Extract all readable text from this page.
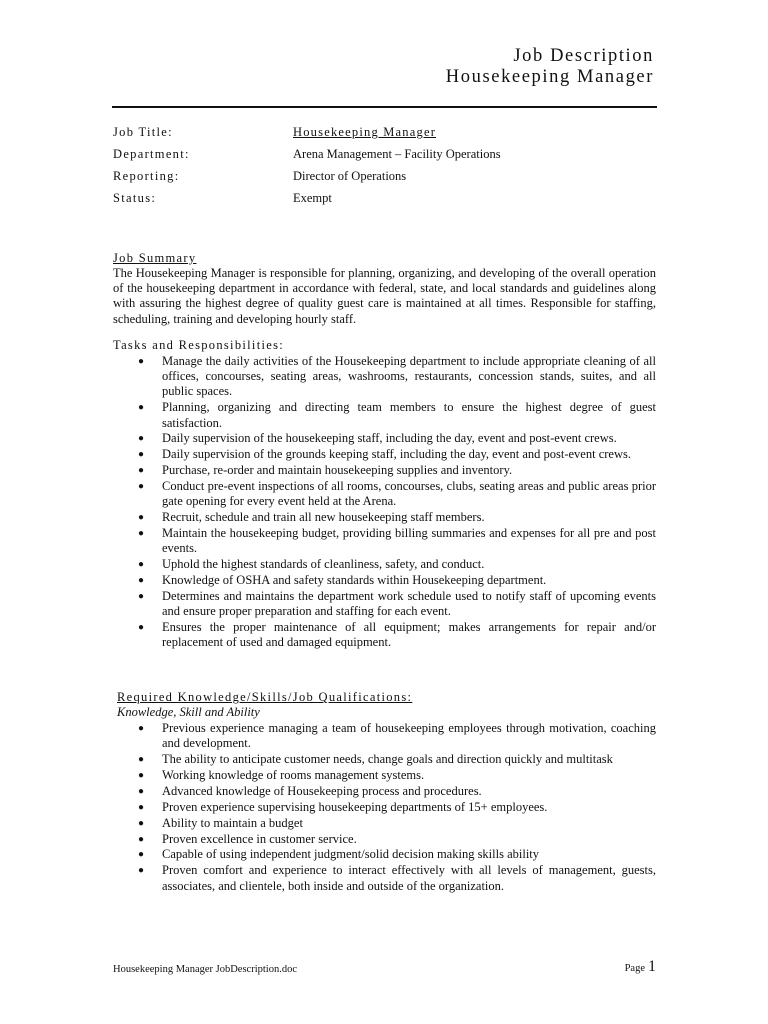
Job Description
Housekeeping Manager
Job Title:	Housekeeping Manager
Department:	Arena Management – Facility Operations
Reporting:	Director of Operations
Status:	Exempt
Job Summary
The Housekeeping Manager is responsible for planning, organizing, and developing of the overall operation of the housekeeping department in accordance with federal, state, and local standards and guidelines along with assuring the highest degree of quality guest care is maintained at all times. Responsible for staffing, scheduling, training and developing hourly staff.
Tasks and Responsibilities:
● Manage the daily activities of the Housekeeping department to include appropriate cleaning of all offices, concourses, seating areas, washrooms, restaurants, concession stands, suites, and all public spaces.
● Planning, organizing and directing team members to ensure the highest degree of guest satisfaction.
● Daily supervision of the housekeeping staff, including the day, event and post-event crews.
● Daily supervision of the grounds keeping staff, including the day, event and post-event crews.
● Purchase, re-order and maintain housekeeping supplies and inventory.
● Conduct pre-event inspections of all rooms, concourses, clubs, seating areas and public areas prior gate opening for every event held at the Arena.
● Recruit, schedule and train all new housekeeping staff members.
● Maintain the housekeeping budget, providing billing summaries and expenses for all pre and post events.
● Uphold the highest standards of cleanliness, safety, and conduct.
● Knowledge of OSHA and safety standards within Housekeeping department.
● Determines and maintains the department work schedule used to notify staff of upcoming events and ensure proper preparation and staffing for each event.
● Ensures the proper maintenance of all equipment; makes arrangements for repair and/or replacement of used and damaged equipment.
Required Knowledge/Skills/Job Qualifications:
Knowledge, Skill and Ability
● Previous experience managing a team of housekeeping employees through motivation, coaching and development.
● The ability to anticipate customer needs, change goals and direction quickly and multitask
● Working knowledge of rooms management systems.
● Advanced knowledge of Housekeeping process and procedures.
● Proven experience supervising housekeeping departments of 15+ employees.
● Ability to maintain a budget
● Proven excellence in customer service.
● Capable of using independent judgment/solid decision making skills ability
● Proven comfort and experience to interact effectively with all levels of management, guests, associates, and clientele, both inside and outside of the organization.
Housekeeping Manager JobDescription.doc	Page 1
